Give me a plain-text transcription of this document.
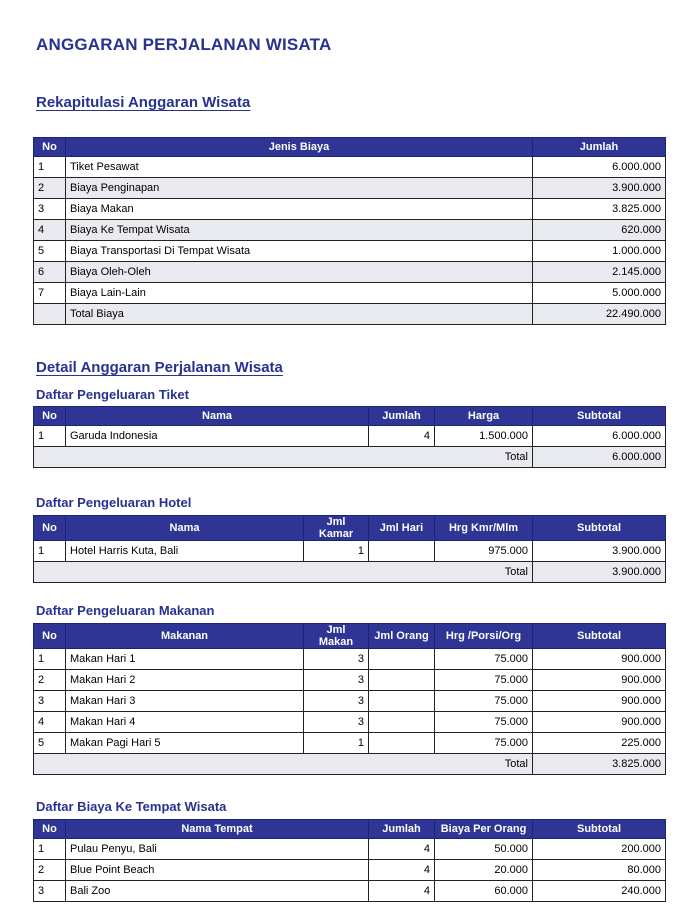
ANGGARAN PERJALANAN WISATA
Rekapitulasi Anggaran Wisata
No	Jenis Biaya	Jumlah
1	Tiket Pesawat	6.000.000
2	Biaya Penginapan	3.900.000
3	Biaya Makan	3.825.000
4	Biaya Ke Tempat Wisata	620.000
5	Biaya Transportasi Di Tempat Wisata	1.000.000
6	Biaya Oleh-Oleh	2.145.000
7	Biaya Lain-Lain	5.000.000
	Total Biaya	22.490.000
Detail Anggaran Perjalanan Wisata
Daftar Pengeluaran Tiket
No	Nama	Jumlah	Harga	Subtotal
1	Garuda Indonesia	4	1.500.000	6.000.000
Total				6.000.000
Daftar Pengeluaran Hotel
No	Nama	Jml Kamar	Jml Hari	Hrg Kmr/Mlm	Subtotal
1	Hotel Harris Kuta, Bali	1		975.000	3.900.000
Total					3.900.000
Daftar Pengeluaran Makanan
No	Makanan	Jml Makan	Jml Orang	Hrg /Porsi/Org	Subtotal
1	Makan Hari 1	3		75.000	900.000
2	Makan Hari 2	3		75.000	900.000
3	Makan Hari 3	3		75.000	900.000
4	Makan Hari 4	3		75.000	900.000
5	Makan Pagi Hari 5	1		75.000	225.000
Total					3.825.000
Daftar Biaya Ke Tempat Wisata
No	Nama Tempat	Jumlah	Biaya Per Orang	Subtotal
1	Pulau Penyu, Bali	4	50.000	200.000
2	Blue Point Beach	4	20.000	80.000
3	Bali Zoo	4	60.000	240.000
